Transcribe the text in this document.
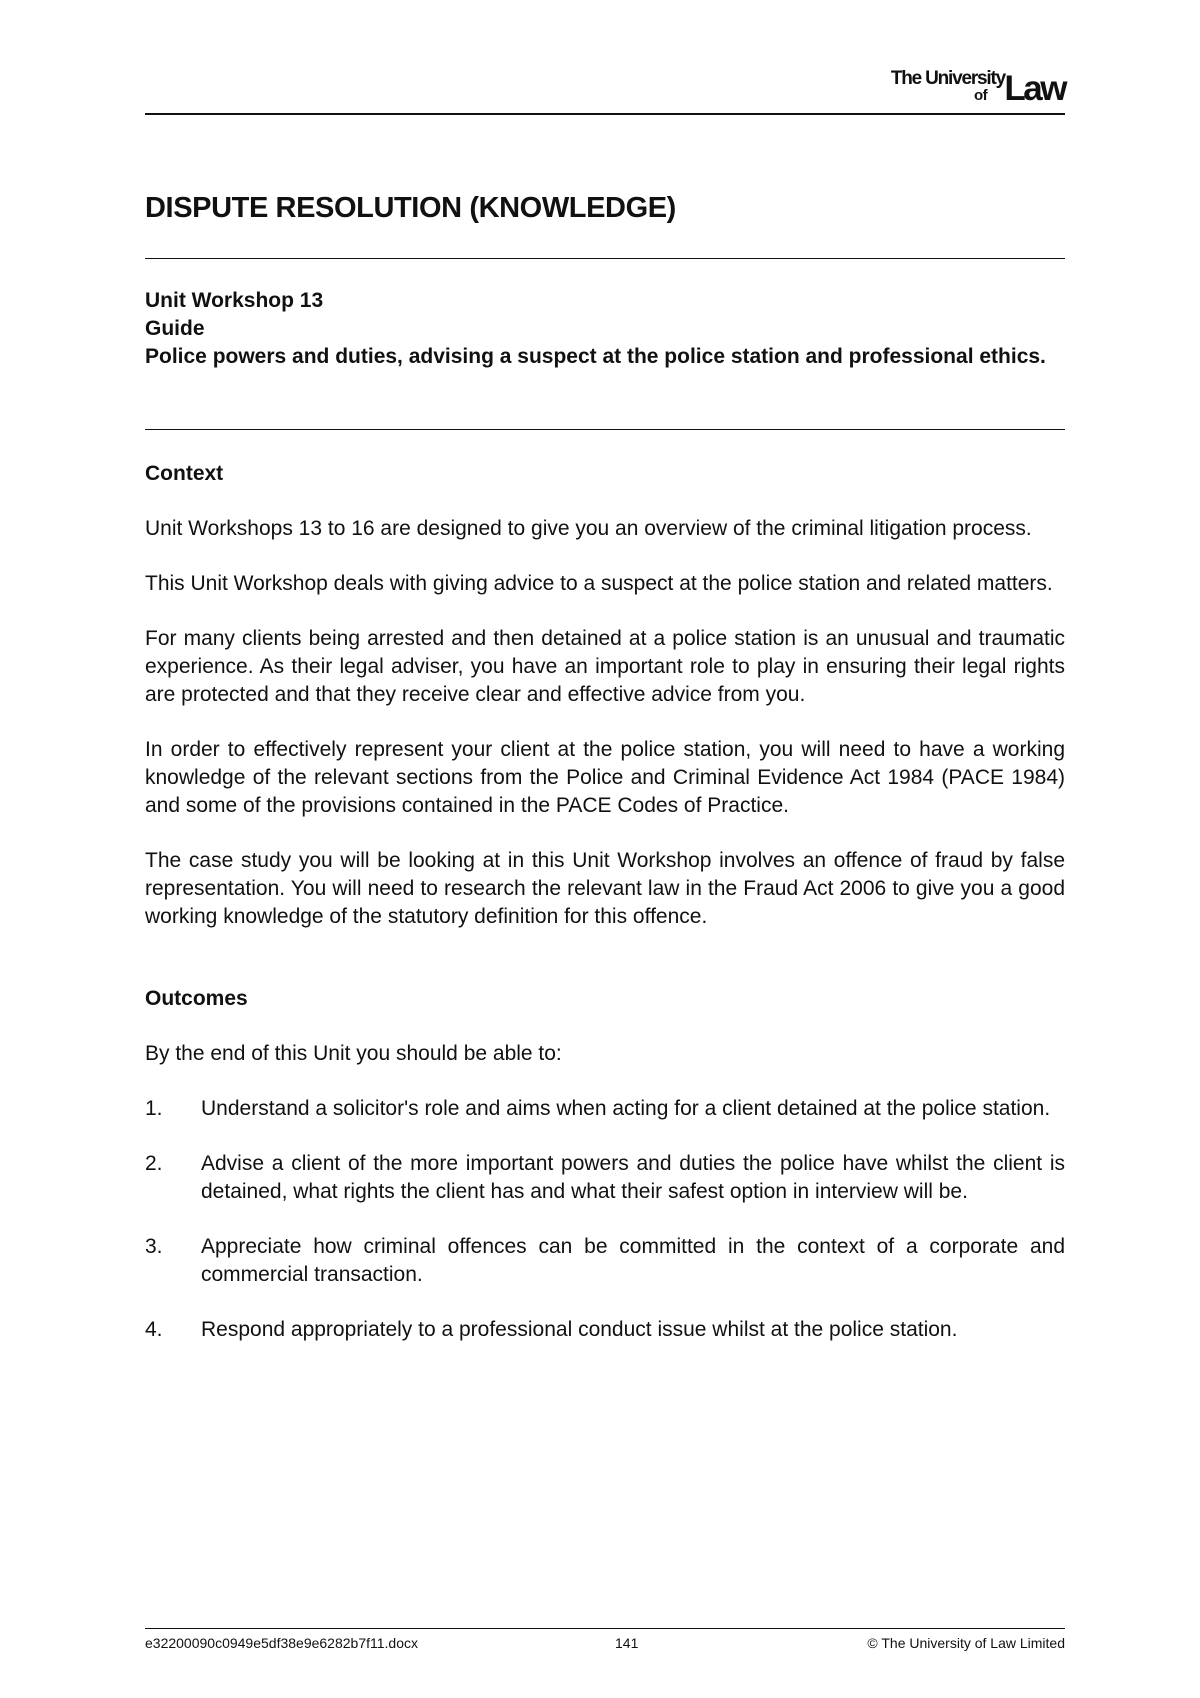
The University
of Law
DISPUTE RESOLUTION (KNOWLEDGE)
Unit Workshop 13
Guide
Police powers and duties, advising a suspect at the police station and professional ethics.
Context

Unit Workshops 13 to 16 are designed to give you an overview of the criminal litigation process.

This Unit Workshop deals with giving advice to a suspect at the police station and related matters.

For many clients being arrested and then detained at a police station is an unusual and traumatic experience. As their legal adviser, you have an important role to play in ensuring their legal rights are protected and that they receive clear and effective advice from you.

In order to effectively represent your client at the police station, you will need to have a working knowledge of the relevant sections from the Police and Criminal Evidence Act 1984 (PACE 1984) and some of the provisions contained in the PACE Codes of Practice.

The case study you will be looking at in this Unit Workshop involves an offence of fraud by false representation. You will need to research the relevant law in the Fraud Act 2006 to give you a good working knowledge of the statutory definition for this offence.

Outcomes

By the end of this Unit you should be able to:

1. Understand a solicitor's role and aims when acting for a client detained at the police station.
2. Advise a client of the more important powers and duties the police have whilst the client is detained, what rights the client has and what their safest option in interview will be.
3. Appreciate how criminal offences can be committed in the context of a corporate and commercial transaction.
4. Respond appropriately to a professional conduct issue whilst at the police station.
e32200090c0949e5df38e9e6282b7f11.docx	141	© The University of Law Limited
